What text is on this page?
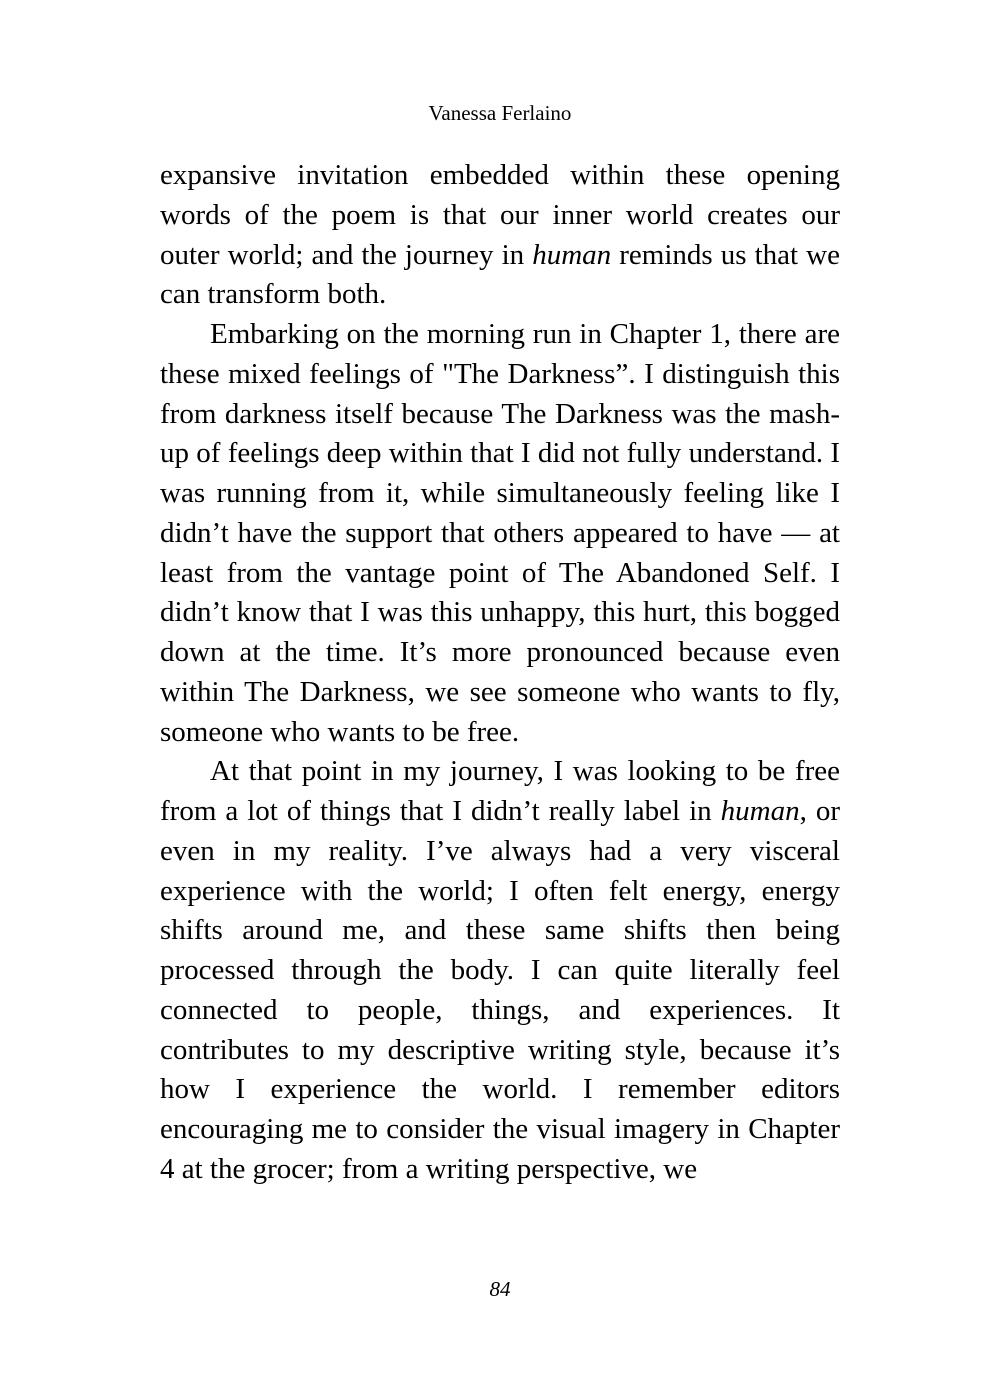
Vanessa Ferlaino

expansive invitation embedded within these opening words of the poem is that our inner world creates our outer world; and the journey in human reminds us that we can transform both.

Embarking on the morning run in Chapter 1, there are these mixed feelings of "The Darkness”. I distinguish this from darkness itself because The Darkness was the mash-up of feelings deep within that I did not fully understand. I was running from it, while simultaneously feeling like I didn’t have the support that others appeared to have — at least from the vantage point of The Abandoned Self. I didn’t know that I was this unhappy, this hurt, this bogged down at the time. It’s more pronounced because even within The Darkness, we see someone who wants to fly, someone who wants to be free.

At that point in my journey, I was looking to be free from a lot of things that I didn’t really label in human, or even in my reality. I’ve always had a very visceral experience with the world; I often felt energy, energy shifts around me, and these same shifts then being processed through the body. I can quite literally feel connected to people, things, and experiences. It contributes to my descriptive writing style, because it’s how I experience the world. I remember editors encouraging me to consider the visual imagery in Chapter 4 at the grocer; from a writing perspective, we

84
